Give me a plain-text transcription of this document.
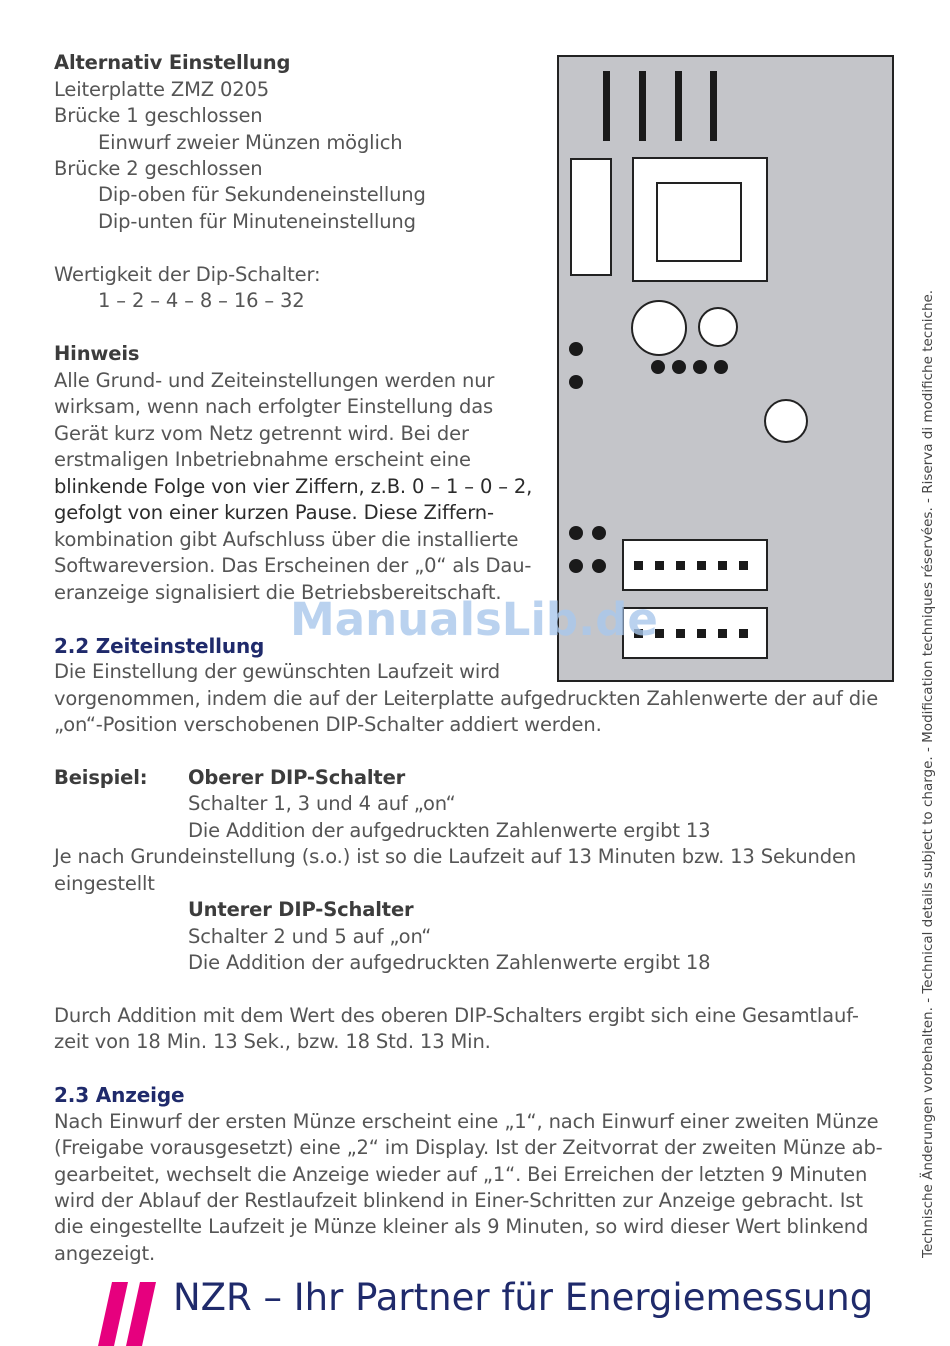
Alternativ Einstellung
Leiterplatte ZMZ 0205
Brücke 1 geschlossen
Einwurf zweier Münzen möglich
Brücke 2 geschlossen
Dip-oben für Sekundeneinstellung
Dip-unten für Minuteneinstellung
Wertigkeit der Dip-Schalter:
1 – 2 – 4 – 8 – 16 – 32
Hinweis
Alle Grund- und Zeiteinstellungen werden nur
wirksam, wenn nach erfolgter Einstellung das
Gerät kurz vom Netz getrennt wird. Bei der
erstmaligen Inbetriebnahme erscheint eine
blinkende Folge von vier Ziffern, z.B. 0 – 1 – 0 – 2,
gefolgt von einer kurzen Pause. Diese Ziffern-
kombination gibt Aufschluss über die installierte
Softwareversion. Das Erscheinen der „0“ als Dau-
eranzeige signalisiert die Betriebsbereitschaft.
ManualsLib.de
2.2 Zeiteinstellung
Die Einstellung der gewünschten Laufzeit wird
vorgenommen, indem die auf der Leiterplatte aufgedruckten Zahlenwerte der auf die
„on“-Position verschobenen DIP-Schalter addiert werden.
Beispiel: Oberer DIP-Schalter
Schalter 1, 3 und 4 auf „on“
Die Addition der aufgedruckten Zahlenwerte ergibt 13
Je nach Grundeinstellung (s.o.) ist so die Laufzeit auf 13 Minuten bzw. 13 Sekunden
eingestellt
Unterer DIP-Schalter
Schalter 2 und 5 auf „on“
Die Addition der aufgedruckten Zahlenwerte ergibt 18
Durch Addition mit dem Wert des oberen DIP-Schalters ergibt sich eine Gesamtlauf-
zeit von 18 Min. 13 Sek., bzw. 18 Std. 13 Min.
2.3 Anzeige
Nach Einwurf der ersten Münze erscheint eine „1“, nach Einwurf einer zweiten Münze
(Freigabe vorausgesetzt) eine „2“ im Display. Ist der Zeitvorrat der zweiten Münze ab-
gearbeitet, wechselt die Anzeige wieder auf „1“. Bei Erreichen der letzten 9 Minuten
wird der Ablauf der Restlaufzeit blinkend in Einer-Schritten zur Anzeige gebracht. Ist
die eingestellte Laufzeit je Münze kleiner als 9 Minuten, so wird dieser Wert blinkend
angezeigt.	Technische Änderungen vorbehalten. - Technical details subject to charge. - Modification techniques réservées. - Riserva di modifiche tecniche.
NZR – Ihr Partner für Energiemessung
